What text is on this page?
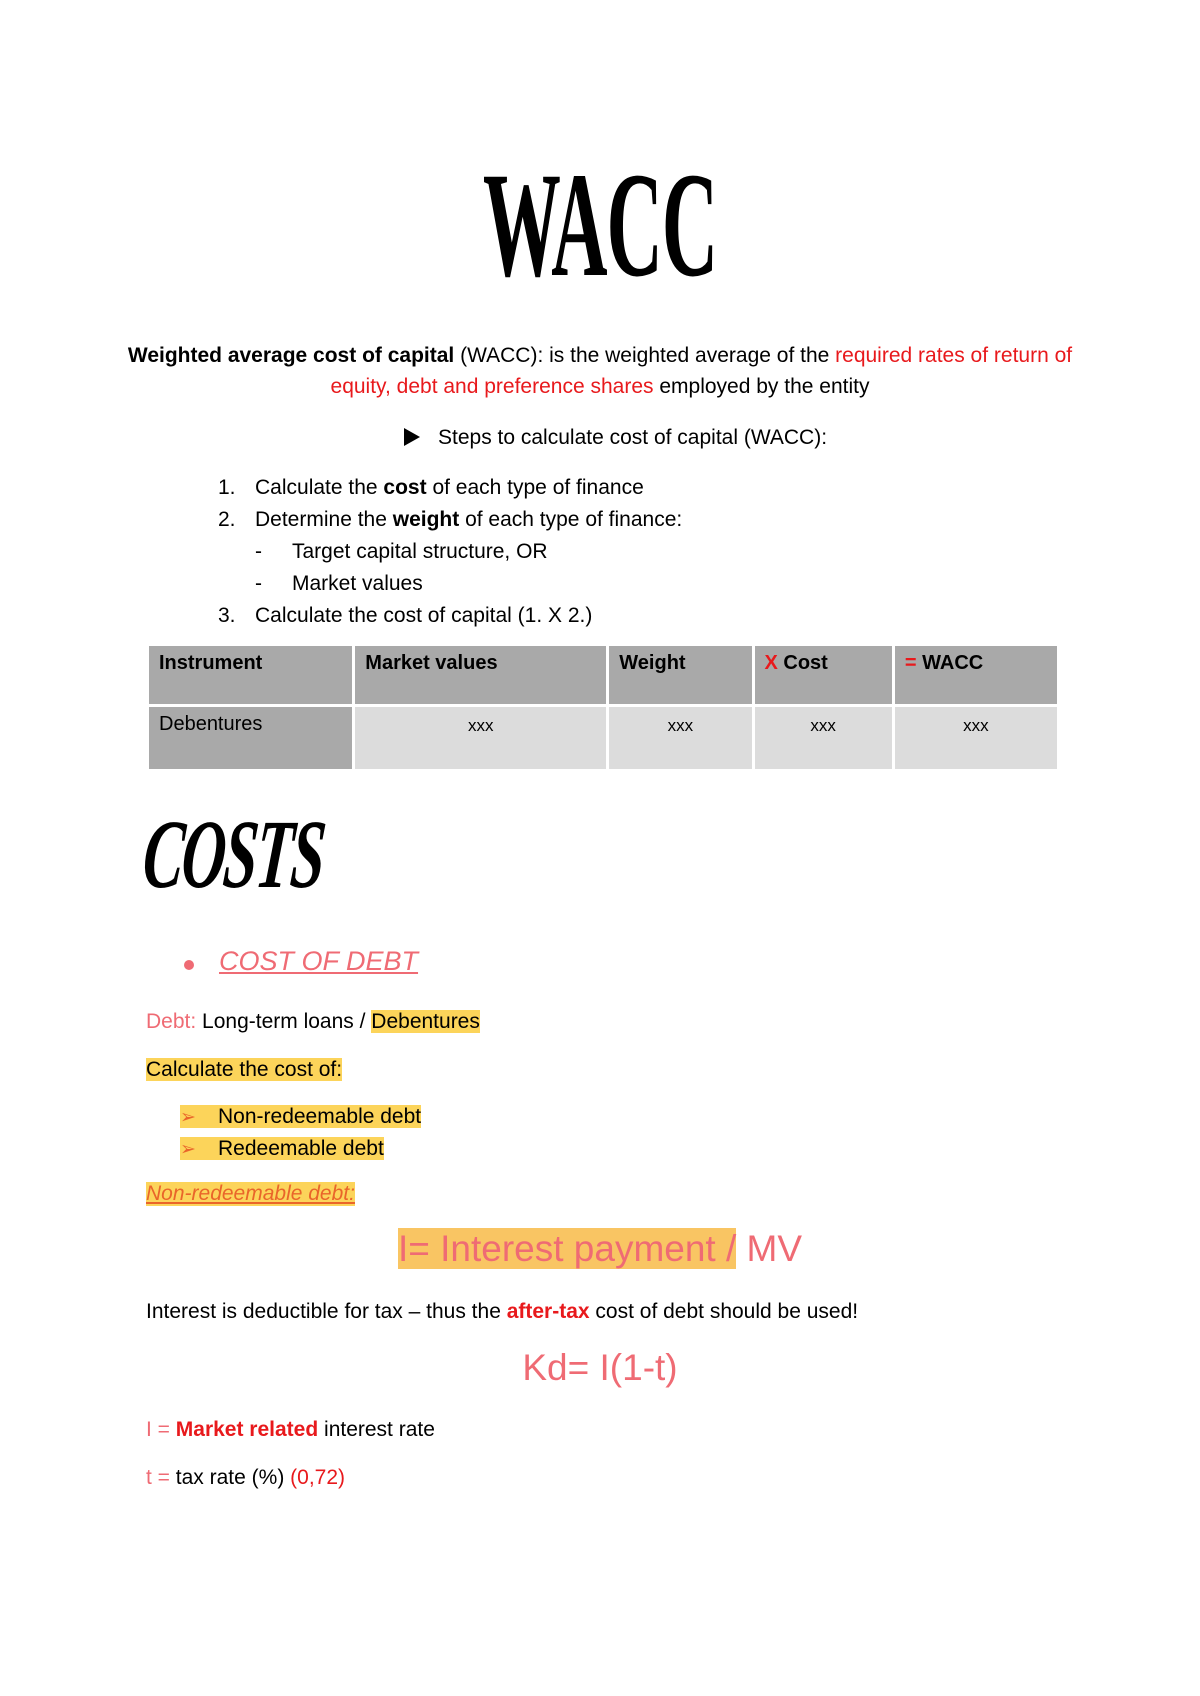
WACC
Weighted average cost of capital (WACC): is the weighted average of the required rates of return of equity, debt and preference shares employed by the entity
Steps to calculate cost of capital (WACC):
1. Calculate the cost of each type of finance
2. Determine the weight of each type of finance:
- Target capital structure, OR
- Market values
3. Calculate the cost of capital (1. X 2.)
Instrument	Market values	Weight	X Cost	= WACC
Debentures	xxx	xxx	xxx	xxx
COSTS
COST OF DEBT
Debt: Long-term loans / Debentures
Calculate the cost of:
➢ Non-redeemable debt
➢ Redeemable debt
Non-redeemable debt:
I= Interest payment / MV
Interest is deductible for tax – thus the after-tax cost of debt should be used!
Kd= I(1-t)
I = Market related interest rate
t = tax rate (%) (0,72)
